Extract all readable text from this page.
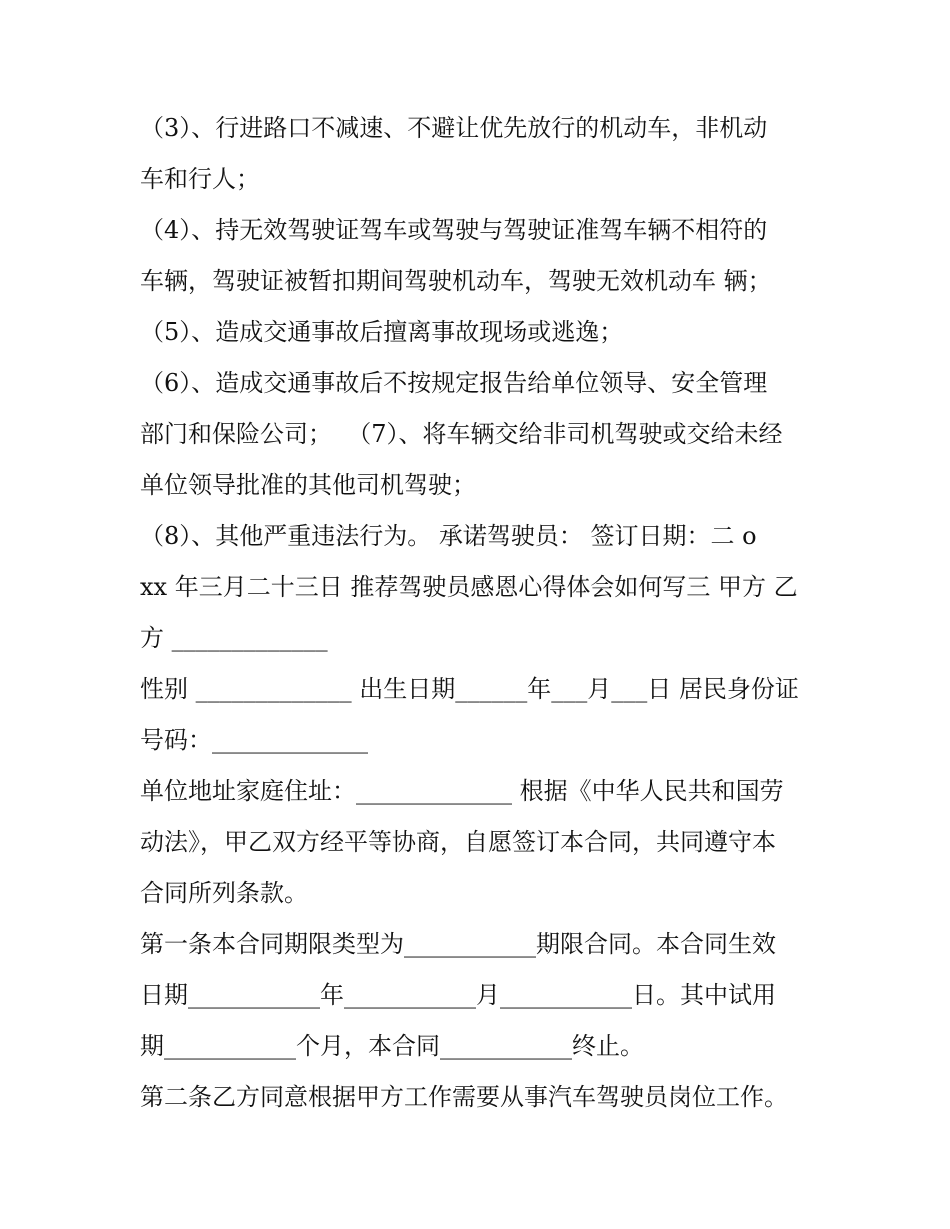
（3）、行进路口不减速、不避让优先放行的机动车，非机动

车和行人；

（4）、持无效驾驶证驾车或驾驶与驾驶证准驾车辆不相符的

车辆，驾驶证被暂扣期间驾驶机动车，驾驶无效机动车 辆；

（5）、造成交通事故后擅离事故现场或逃逸；

（6）、造成交通事故后不按规定报告给单位领导、安全管理

部门和保险公司；  （7）、将车辆交给非司机驾驶或交给未经

单位领导批准的其他司机驾驶；

（8）、其他严重违法行为。 承诺驾驶员： 签订日期：二 o

xx 年三月二十三日 推荐驾驶员感恩心得体会如何写三 甲方 乙

方 _____________

性别 _____________ 出生日期______年___月___日 居民身份证

号码：_____________

单位地址家庭住址：_____________ 根据《中华人民共和国劳

动法》，甲乙双方经平等协商，自愿签订本合同，共同遵守本

合同所列条款。

第一条本合同期限类型为___________期限合同。本合同生效

日期___________年___________月___________日。其中试用

期___________个月，本合同___________终止。

第二条乙方同意根据甲方工作需要从事汽车驾驶员岗位工作。
